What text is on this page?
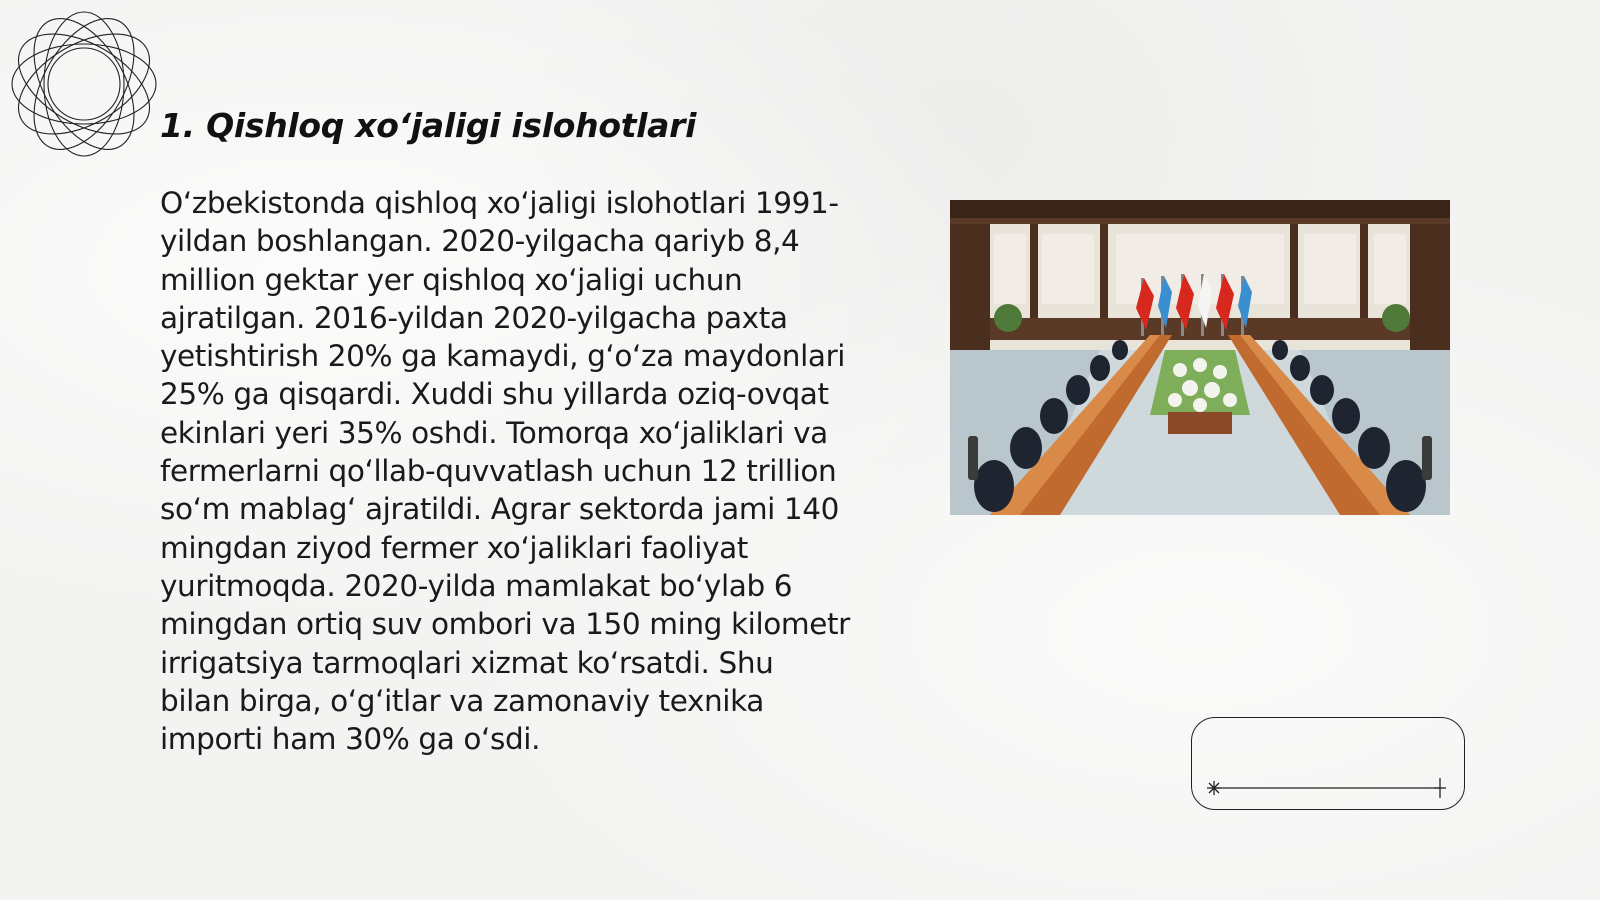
1. Qishloq xoʻjaligi islohotlari

Oʻzbekistonda qishloq xoʻjaligi islohotlari 1991-yildan boshlangan. 2020-yilgacha qariyb 8,4 million gektar yer qishloq xoʻjaligi uchun ajratilgan. 2016-yildan 2020-yilgacha paxta yetishtirish 20% ga kamaydi, gʻoʻza maydonlari 25% ga qisqardi. Xuddi shu yillarda oziq-ovqat ekinlari yeri 35% oshdi. Tomorqa xoʻjaliklari va fermerlarni qoʻllab-quvvatlash uchun 12 trillion soʻm mablagʻ ajratildi. Agrar sektorda jami 140 mingdan ziyod fermer xoʻjaliklari faoliyat yuritmoqda. 2020-yilda mamlakat boʻylab 6 mingdan ortiq suv ombori va 150 ming kilometr irrigatsiya tarmoqlari xizmat koʻrsatdi. Shu bilan birga, oʻgʻitlar va zamonaviy texnika importi ham 30% ga oʻsdi.
